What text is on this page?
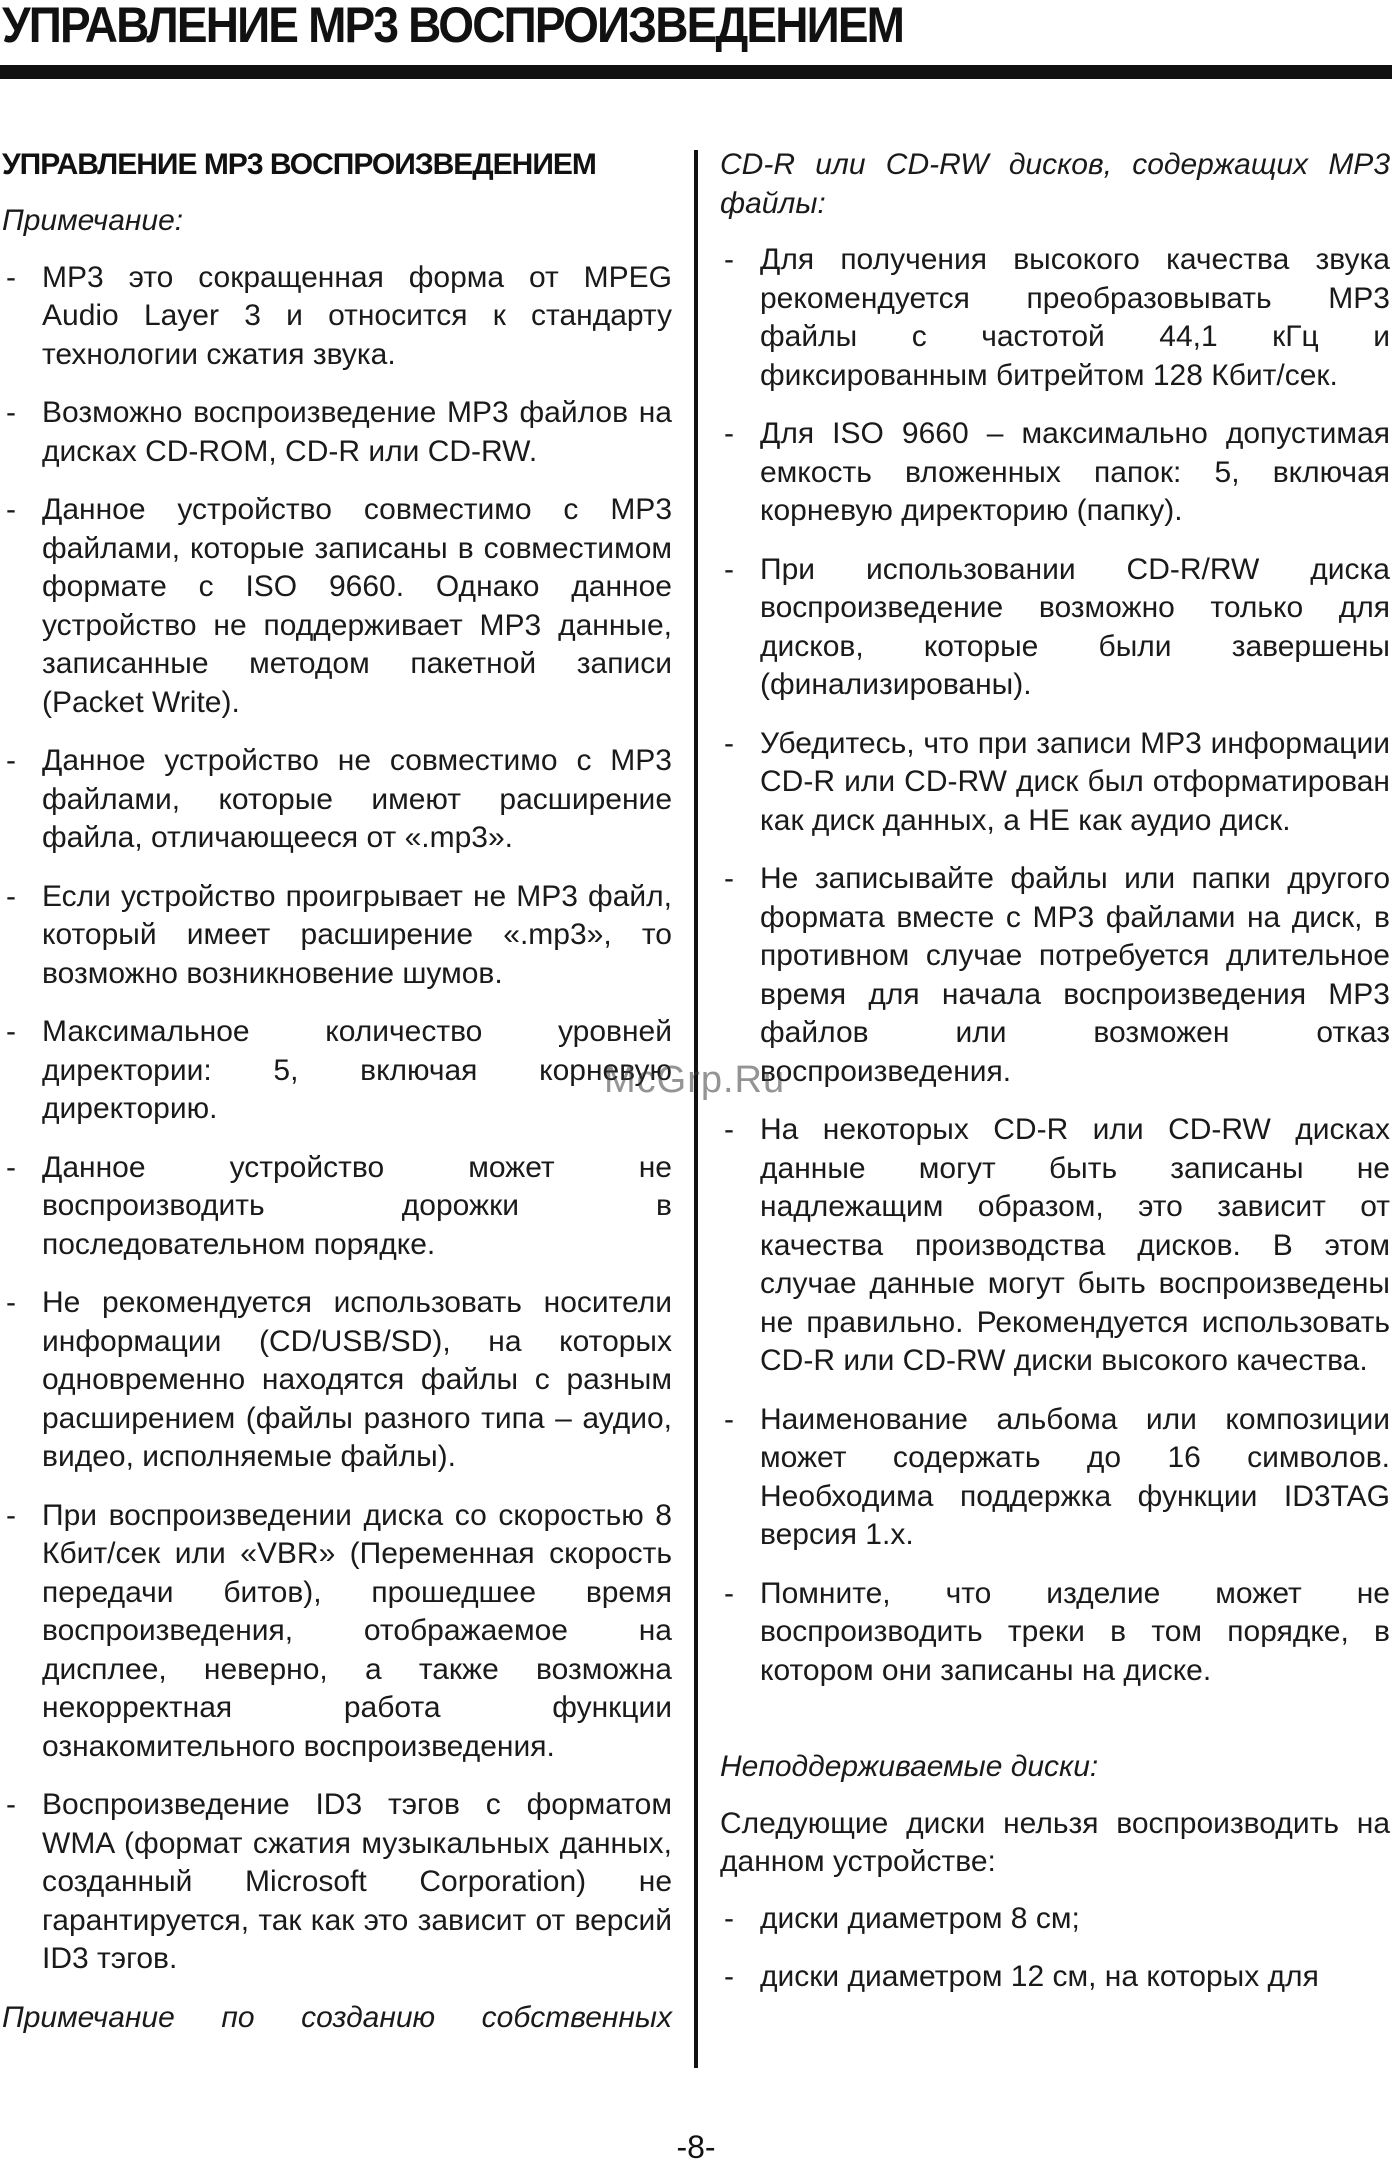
УПРАВЛЕНИЕ MP3 ВОСПРОИЗВЕДЕНИЕМ
УПРАВЛЕНИЕ MP3 ВОСПРОИЗВЕДЕНИЕМ

Примечание:

- MP3 это сокращенная форма от MPEG Audio Layer 3 и относится к стандарту технологии сжатия звука.
- Возможно воспроизведение MP3 файлов на дисках CD-ROM, CD-R или CD-RW.
- Данное устройство совместимо с MP3 файлами, которые записаны в совместимом формате с ISO 9660. Однако данное устройство не поддерживает MP3 данные, записанные методом пакетной записи (Packet Write).
- Данное устройство не совместимо с MP3 файлами, которые имеют расширение файла, отличающееся от «.mp3».
- Если устройство проигрывает не MP3 файл, который имеет расширение «.mp3», то возможно возникновение шумов.
- Максимальное количество уровней директории: 5, включая корневую директорию.
- Данное устройство может не воспроизводить дорожки в последовательном порядке.
- Не рекомендуется использовать носители информации (CD/USB/SD), на которых одновременно находятся файлы с разным расширением (файлы разного типа – аудио, видео, исполняемые файлы).
- При воспроизведении диска со скоростью 8 Кбит/сек или «VBR» (Переменная скорость передачи битов), прошедшее время воспроизведения, отображаемое на дисплее, неверно, а также возможна некорректная работа функции ознакомительного воспроизведения.
- Воспроизведение ID3 тэгов с форматом WMA (формат сжатия музыкальных данных, созданный Microsoft Corporation) не гарантируется, так как это зависит от версий ID3 тэгов.

Примечание по созданию собственных

CD-R или CD-RW дисков, содержащих MP3 файлы:

- Для получения высокого качества звука рекомендуется преобразовывать MP3 файлы с частотой 44,1 кГц и фиксированным битрейтом 128 Кбит/сек.
- Для ISO 9660 – максимально допустимая емкость вложенных папок: 5, включая корневую директорию (папку).
- При использовании CD-R/RW диска воспроизведение возможно только для дисков, которые были завершены (финализированы).
- Убедитесь, что при записи MP3 информации CD-R или CD-RW диск был отформатирован как диск данных, а НЕ как аудио диск.
- Не записывайте файлы или папки другого формата вместе с MP3 файлами на диск, в противном случае потребуется длительное время для начала воспроизведения MP3 файлов или возможен отказ воспроизведения.
- На некоторых CD-R или CD-RW дисках данные могут быть записаны не надлежащим образом, это зависит от качества производства дисков. В этом случае данные могут быть воспроизведены не правильно. Рекомендуется использовать CD-R или CD-RW диски высокого качества.
- Наименование альбома или композиции может содержать до 16 символов. Необходима поддержка функции ID3TAG версия 1.x.
- Помните, что изделие может не воспроизводить треки в том порядке, в котором они записаны на диске.

Неподдерживаемые диски:

Следующие диски нельзя воспроизводить на данном устройстве:

- диски диаметром 8 см;
- диски диаметром 12 см, на которых для
McGrp.Ru
-8-
